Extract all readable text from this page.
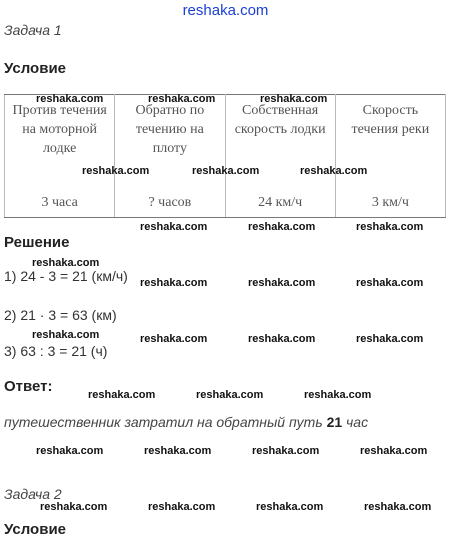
reshaka.com
Задача 1
Условие
Против течения на моторной лодке	Обратно по течению на плоту	Собственная скорость лодки	Скорость течения реки
3 часа	? часов	24 км/ч	3 км/ч
Решение
1) 24 - 3 = 21 (км/ч)
2) 21 · 3 = 63 (км)
3) 63 : 3 = 21 (ч)
Ответ:
путешественник затратил на обратный путь 21 час
Задача 2
Условие
reshaka.com	reshaka.com	reshaka.com
reshaka.com	reshaka.com	reshaka.com
reshaka.com	reshaka.com	reshaka.com
reshaka.com
reshaka.com	reshaka.com	reshaka.com
reshaka.com	reshaka.com	reshaka.com	reshaka.com
reshaka.com	reshaka.com	reshaka.com
reshaka.com	reshaka.com	reshaka.com	reshaka.com
reshaka.com	reshaka.com	reshaka.com	reshaka.com
